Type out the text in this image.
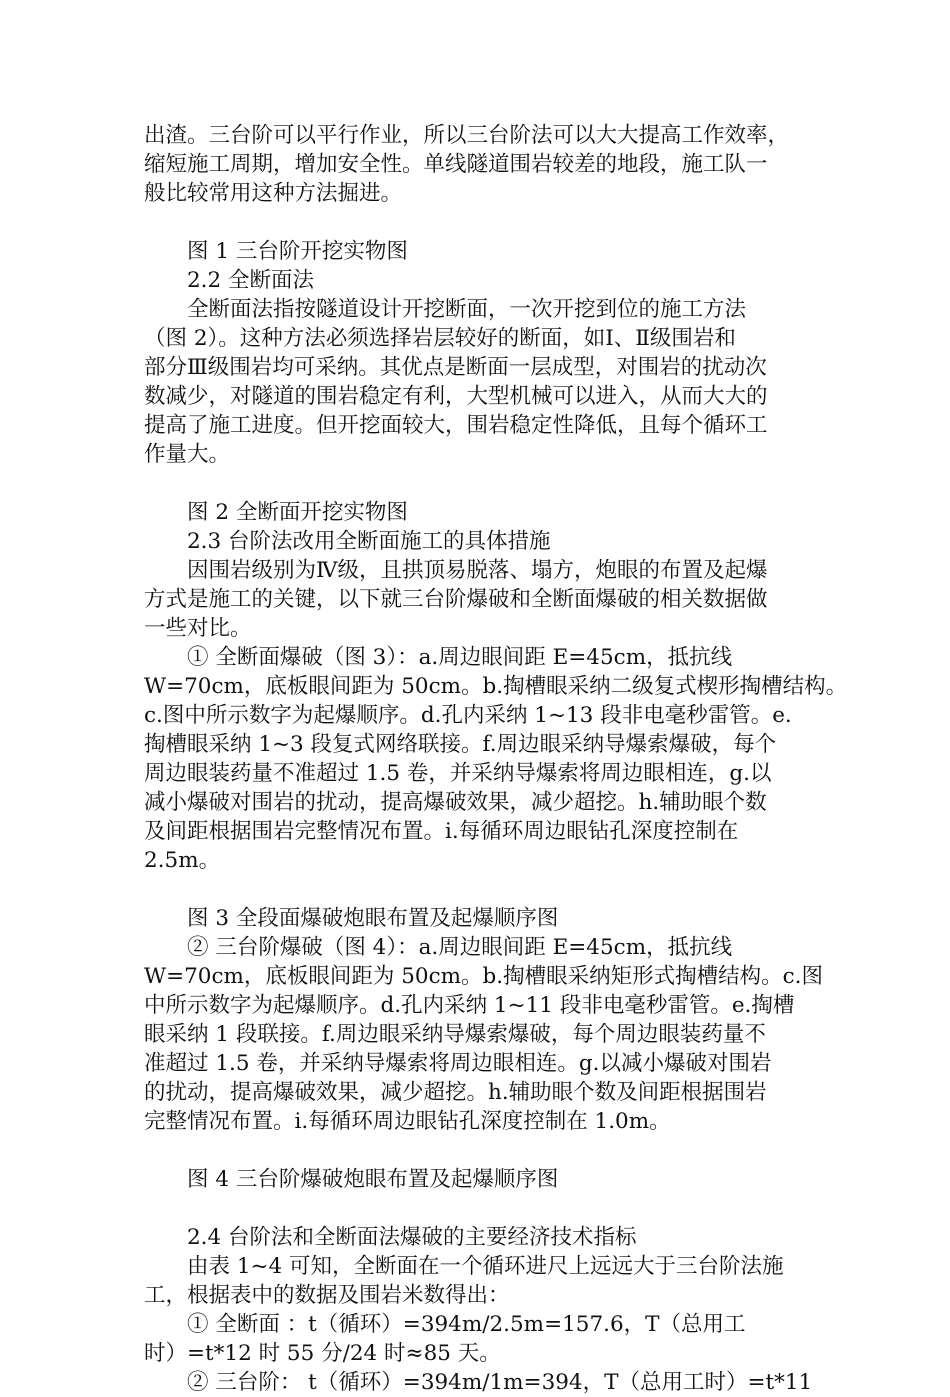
出渣。三台阶可以平行作业，所以三台阶法可以大大提高工作效率，
缩短施工周期，增加安全性。单线隧道围岩较差的地段，施工队一
般比较常用这种方法掘进。
　　图 1 三台阶开挖实物图
　　2.2 全断面法
　　全断面法指按隧道设计开挖断面，一次开挖到位的施工方法
（图 2）。这种方法必须选择岩层较好的断面，如Ⅰ、Ⅱ级围岩和
部分Ⅲ级围岩均可采纳。其优点是断面一层成型，对围岩的扰动次
数减少，对隧道的围岩稳定有利，大型机械可以进入，从而大大的
提高了施工进度。但开挖面较大，围岩稳定性降低，且每个循环工
作量大。
　　图 2 全断面开挖实物图
　　2.3 台阶法改用全断面施工的具体措施
　　因围岩级别为Ⅳ级，且拱顶易脱落、塌方，炮眼的布置及起爆
方式是施工的关键，以下就三台阶爆破和全断面爆破的相关数据做
一些对比。
　　① 全断面爆破（图 3）：a.周边眼间距 E=45cm，抵抗线
W=70cm，底板眼间距为 50cm。b.掏槽眼采纳二级复式楔形掏槽结构。
c.图中所示数字为起爆顺序。d.孔内采纳 1~13 段非电毫秒雷管。e.
掏槽眼采纳 1~3 段复式网络联接。f.周边眼采纳导爆索爆破，每个
周边眼装药量不准超过 1.5 卷，并采纳导爆索将周边眼相连，g.以
减小爆破对围岩的扰动，提高爆破效果，减少超挖。h.辅助眼个数
及间距根据围岩完整情况布置。i.每循环周边眼钻孔深度控制在
2.5m。
　　图 3 全段面爆破炮眼布置及起爆顺序图
　　② 三台阶爆破（图 4）：a.周边眼间距 E=45cm，抵抗线
W=70cm，底板眼间距为 50cm。b.掏槽眼采纳矩形式掏槽结构。c.图
中所示数字为起爆顺序。d.孔内采纳 1~11 段非电毫秒雷管。e.掏槽
眼采纳 1 段联接。f.周边眼采纳导爆索爆破，每个周边眼装药量不
准超过 1.5 卷，并采纳导爆索将周边眼相连。g.以减小爆破对围岩
的扰动，提高爆破效果，减少超挖。h.辅助眼个数及间距根据围岩
完整情况布置。i.每循环周边眼钻孔深度控制在 1.0m。
　　图 4 三台阶爆破炮眼布置及起爆顺序图
　　2.4 台阶法和全断面法爆破的主要经济技术指标
　　由表 1~4 可知，全断面在一个循环进尺上远远大于三台阶法施
工，根据表中的数据及围岩米数得出：
　　① 全断面 ：t（循环）=394m/2.5m=157.6，T（总用工
时）=t*12 时 55 分/24 时≈85 天。
　　② 三台阶： t（循环）=394m/1m=394，T（总用工时）=t*11
